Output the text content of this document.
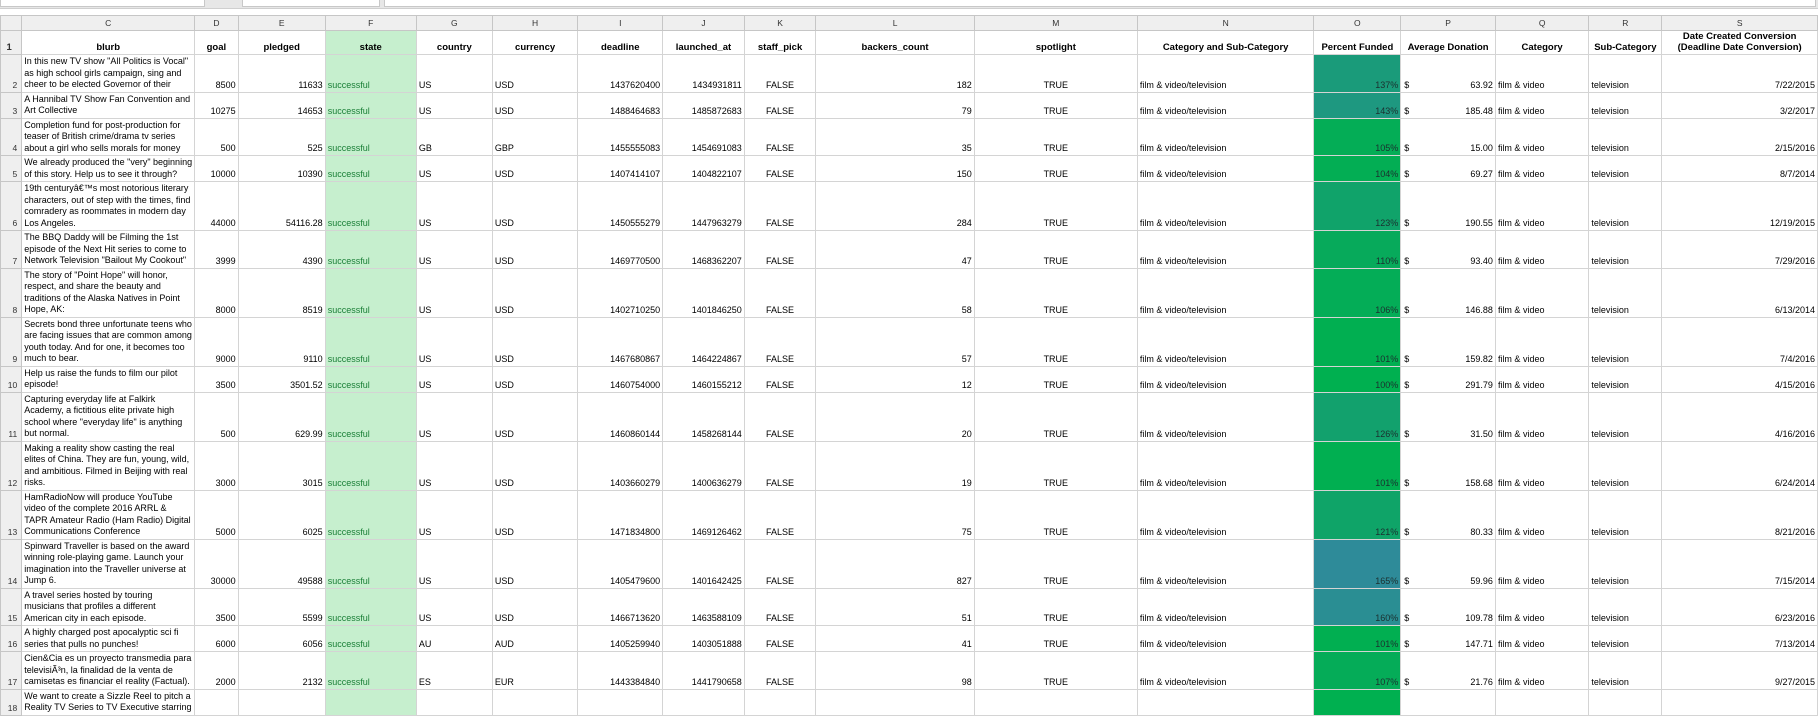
	C	D	E	F	G	H	I	J	K	L	M	N	O	P	Q	R	S
1	blurb	goal	pledged	state	country	currency	deadline	launched_at	staff_pick	backers_count	spotlight	Category and Sub-Category	Percent Funded	Average Donation	Category	Sub-Category	Date Created Conversion (Deadline Date Conversion)
2	In this new TV show "All Politics is Vocal" as high school girls campaign, sing and cheer to be elected Governor of their	8500	11633	successful	US	USD	1437620400	1434931811	FALSE	182	TRUE	film & video/television	137%	$ 63.92	film & video	television	7/22/2015
3	A Hannibal TV Show Fan Convention and Art Collective	10275	14653	successful	US	USD	1488464683	1485872683	FALSE	79	TRUE	film & video/television	143%	$ 185.48	film & video	television	3/2/2017
4	Completion fund for post-production for teaser of British crime/drama tv series about a girl who sells morals for money	500	525	successful	GB	GBP	1455555083	1454691083	FALSE	35	TRUE	film & video/television	105%	$ 15.00	film & video	television	2/15/2016
5	We already produced the "very" beginning of this story. Help us to see it through?	10000	10390	successful	US	USD	1407414107	1404822107	FALSE	150	TRUE	film & video/television	104%	$ 69.27	film & video	television	8/7/2014
6	19th centuryâ€™s most notorious literary characters, out of step with the times, find comradery as roommates in modern day Los Angeles.	44000	54116.28	successful	US	USD	1450555279	1447963279	FALSE	284	TRUE	film & video/television	123%	$ 190.55	film & video	television	12/19/2015
7	The BBQ Daddy will be Filming the 1st episode of the Next Hit series to come to Network Television "Bailout My Cookout"	3999	4390	successful	US	USD	1469770500	1468362207	FALSE	47	TRUE	film & video/television	110%	$ 93.40	film & video	television	7/29/2016
8	The story of "Point Hope" will honor, respect, and share the beauty and traditions of the Alaska Natives in Point Hope, AK:	8000	8519	successful	US	USD	1402710250	1401846250	FALSE	58	TRUE	film & video/television	106%	$ 146.88	film & video	television	6/13/2014
9	Secrets bond three unfortunate teens who are facing issues that are common among youth today. And for one, it becomes too much to bear.	9000	9110	successful	US	USD	1467680867	1464224867	FALSE	57	TRUE	film & video/television	101%	$ 159.82	film & video	television	7/4/2016
10	Help us raise the funds to film our pilot episode!	3500	3501.52	successful	US	USD	1460754000	1460155212	FALSE	12	TRUE	film & video/television	100%	$ 291.79	film & video	television	4/15/2016
11	Capturing everyday life at Falkirk Academy, a fictitious elite private high school where "everyday life" is anything but normal.	500	629.99	successful	US	USD	1460860144	1458268144	FALSE	20	TRUE	film & video/television	126%	$ 31.50	film & video	television	4/16/2016
12	Making a reality show casting the real elites of China. They are fun, young, wild, and ambitious. Filmed in Beijing with real risks.	3000	3015	successful	US	USD	1403660279	1400636279	FALSE	19	TRUE	film & video/television	101%	$ 158.68	film & video	television	6/24/2014
13	HamRadioNow will produce YouTube video of the complete 2016 ARRL & TAPR Amateur Radio (Ham Radio) Digital Communications Conference	5000	6025	successful	US	USD	1471834800	1469126462	FALSE	75	TRUE	film & video/television	121%	$ 80.33	film & video	television	8/21/2016
14	Spinward Traveller is based on the award winning role-playing game. Launch your imagination into the Traveller universe at Jump 6.	30000	49588	successful	US	USD	1405479600	1401642425	FALSE	827	TRUE	film & video/television	165%	$ 59.96	film & video	television	7/15/2014
15	A travel series hosted by touring musicians that profiles a different American city in each episode.	3500	5599	successful	US	USD	1466713620	1463588109	FALSE	51	TRUE	film & video/television	160%	$ 109.78	film & video	television	6/23/2016
16	A highly charged post apocalyptic sci fi series that pulls no punches!	6000	6056	successful	AU	AUD	1405259940	1403051888	FALSE	41	TRUE	film & video/television	101%	$ 147.71	film & video	television	7/13/2014
17	Cien&Cia es un proyecto transmedia para televisiÃ³n, la finalidad de la venta de camisetas es financiar el reality (Factual).	2000	2132	successful	ES	EUR	1443384840	1441790658	FALSE	98	TRUE	film & video/television	107%	$ 21.76	film & video	television	9/27/2015
18	We want to create a Sizzle Reel to pitch a Reality TV Series to TV Executive starring																
